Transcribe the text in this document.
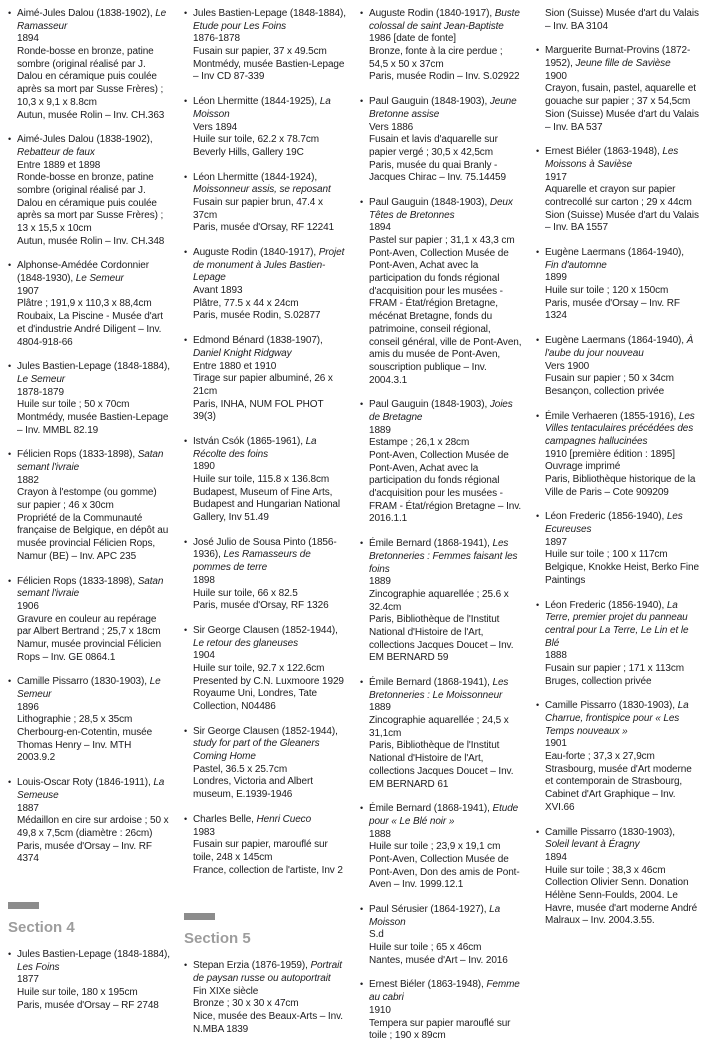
• Aimé-Jules Dalou (1838-1902), Le Ramasseur

1894

Ronde-bosse en bronze, patine sombre (original réalisé par J. Dalou en céramique puis coulée après sa mort par Susse Frères) ; 10,3 x 9,1 x 8.8cm

Autun, musée Rolin – Inv. CH.363

• Aimé-Jules Dalou (1838-1902), Rebatteur de faux

Entre 1889 et 1898

Ronde-bosse en bronze, patine sombre (original réalisé par J. Dalou en céramique puis coulée après sa mort par Susse Frères) ; 13 x 15,5 x 10cm

Autun, musée Rolin – Inv. CH.348

• Alphonse-Amédée Cordonnier (1848-1930), Le Semeur

1907

Plâtre ; 191,9 x 110,3 x 88,4cm

Roubaix, La Piscine - Musée d'art et d'industrie André Diligent – Inv. 4804-918-66

• Jules Bastien-Lepage (1848-1884), Le Semeur

1878-1879

Huile sur toile ; 50 x 70cm

Montmédy, musée Bastien-Lepage – Inv. MMBL 82.19

• Félicien Rops (1833-1898), Satan semant l'ivraie

1882

Crayon à l'estompe (ou gomme) sur papier ; 46 x 30cm

Propriété de la Communauté française de Belgique, en dépôt au musée provincial Félicien Rops, Namur (BE) – Inv. APC 235

• Félicien Rops (1833-1898), Satan semant l'ivraie

1906

Gravure en couleur au repérage par Albert Bertrand ; 25,7 x 18cm

Namur, musée provincial Félicien Rops – Inv. GE 0864.1

• Camille Pissarro (1830-1903), Le Semeur

1896

Lithographie ; 28,5 x 35cm

Cherbourg-en-Cotentin, musée Thomas Henry – Inv. MTH 2003.9.2

• Louis-Oscar Roty (1846-1911), La Semeuse

1887

Médaillon en cire sur ardoise ; 50 x 49,8 x 7,5cm (diamètre : 26cm)

Paris, musée d'Orsay – Inv. RF 4374

Section 4

• Jules Bastien-Lepage (1848-1884), Les Foins

1877

Huile sur toile, 180 x 195cm

Paris, musée d'Orsay – RF 2748

• Jules Bastien-Lepage (1848-1884), Etude pour Les Foins

1876-1878

Fusain sur papier, 37 x 49.5cm

Montmédy, musée Bastien-Lepage – Inv CD 87-339

• Léon Lhermitte (1844-1925), La Moisson

Vers 1894

Huile sur toile, 62.2 x 78.7cm

Beverly Hills, Gallery 19C

• Léon Lhermitte (1844-1924), Moissonneur assis, se reposant

Fusain sur papier brun, 47.4 x 37cm

Paris, musée d'Orsay, RF 12241

• Auguste Rodin (1840-1917), Projet de monument à Jules Bastien-Lepage

Avant 1893

Plâtre, 77.5 x 44 x 24cm

Paris, musée Rodin, S.02877

• Edmond Bénard (1838-1907), Daniel Knight Ridgway

Entre 1880 et 1910

Tirage sur papier albuminé, 26 x 21cm

Paris, INHA, NUM FOL PHOT 39(3)

• István Csók (1865-1961), La Récolte des foins

1890

Huile sur toile, 115.8 x 136.8cm

Budapest, Museum of Fine Arts, Budapest and Hungarian National Gallery, Inv 51.49

• José Julio de Sousa Pinto (1856-1936), Les Ramasseurs de pommes de terre

1898

Huile sur toile, 66 x 82.5

Paris, musée d'Orsay, RF 1326

• Sir George Clausen (1852-1944), Le retour des glaneuses

1904

Huile sur toile, 92.7 x 122.6cm

Presented by C.N. Luxmoore 1929

Royaume Uni, Londres, Tate Collection, N04486

• Sir George Clausen (1852-1944), study for part of the Gleaners Coming Home

Pastel, 36.5 x 25.7cm

Londres, Victoria and Albert museum, E.1939-1946

• Charles Belle, Henri Cueco

1983

Fusain sur papier, marouflé sur toile, 248 x 145cm

France, collection de l'artiste, Inv 2

Section 5

• Stepan Erzia (1876-1959), Portrait de paysan russe ou autoportrait

Fin XIXe siècle

Bronze ; 30 x 30 x 47cm

Nice, musée des Beaux-Arts – Inv. N.MBA 1839

• Auguste Rodin (1840-1917), Buste colossal de saint Jean-Baptiste

1986 [date de fonte]

Bronze, fonte à la cire perdue ; 54,5 x 50 x 37cm

Paris, musée Rodin – Inv. S.02922

• Paul Gauguin (1848-1903), Jeune Bretonne assise

Vers 1886

Fusain et lavis d'aquarelle sur papier vergé ; 30,5 x 42,5cm

Paris, musée du quai Branly - Jacques Chirac – Inv. 75.14459

• Paul Gauguin (1848-1903), Deux Têtes de Bretonnes

1894

Pastel sur papier ; 31,1 x 43,3 cm

Pont-Aven, Collection Musée de Pont-Aven, Achat avec la participation du fonds régional d'acquisition pour les musées - FRAM - État/région Bretagne, mécénat Bretagne, fonds du patrimoine, conseil régional, conseil général, ville de Pont-Aven, amis du musée de Pont-Aven, souscription publique – Inv. 2004.3.1

• Paul Gauguin (1848-1903), Joies de Bretagne

1889

Estampe ; 26,1 x 28cm

Pont-Aven, Collection Musée de Pont-Aven, Achat avec la participation du fonds régional d'acquisition pour les musées - FRAM - État/région Bretagne – Inv. 2016.1.1

• Émile Bernard (1868-1941), Les Bretonneries : Femmes faisant les foins

1889

Zincographie aquarellée ; 25.6 x 32.4cm

Paris, Bibliothèque de l'Institut National d'Histoire de l'Art, collections Jacques Doucet – Inv. EM BERNARD 59

• Émile Bernard (1868-1941), Les Bretonneries : Le Moissonneur

1889

Zincographie aquarellée ; 24,5 x 31,1cm

Paris, Bibliothèque de l'Institut National d'Histoire de l'Art, collections Jacques Doucet – Inv. EM BERNARD 61

• Émile Bernard (1868-1941), Etude pour « Le Blé noir »

1888

Huile sur toile ; 23,9 x 19,1 cm

Pont-Aven, Collection Musée de Pont-Aven, Don des amis de Pont-Aven – Inv. 1999.12.1

• Paul Sérusier (1864-1927), La Moisson

S.d

Huile sur toile ; 65 x 46cm

Nantes, musée d'Art – Inv. 2016

• Ernest Biéler (1863-1948), Femme au cabri

1910

Tempera sur papier marouflé sur toile ; 190 x 89cm

Sion (Suisse) Musée d'art du Valais – Inv. BA 3104

• Marguerite Burnat-Provins (1872-1952), Jeune fille de Savièse

1900

Crayon, fusain, pastel, aquarelle et gouache sur papier ; 37 x 54,5cm

Sion (Suisse) Musée d'art du Valais – Inv. BA 537

• Ernest Biéler (1863-1948), Les Moissons à Savièse

1917

Aquarelle et crayon sur papier contrecollé sur carton ; 29 x 44cm

Sion (Suisse) Musée d'art du Valais – Inv. BA 1557

• Eugène Laermans (1864-1940), Fin d'automne

1899

Huile sur toile ; 120 x 150cm

Paris, musée d'Orsay – Inv. RF 1324

• Eugène Laermans (1864-1940), À l'aube du jour nouveau

Vers 1900

Fusain sur papier ; 50 x 34cm

Besançon, collection privée

• Émile Verhaeren (1855-1916), Les Villes tentaculaires précédées des campagnes hallucinées

1910 [première édition : 1895]

Ouvrage imprimé

Paris, Bibliothèque historique de la Ville de Paris – Cote 909209

• Léon Frederic (1856-1940), Les Ecureuses

1897

Huile sur toile ; 100 x 117cm

Belgique, Knokke Heist, Berko Fine Paintings

• Léon Frederic (1856-1940), La Terre, premier projet du panneau central pour La Terre, Le Lin et le Blé

1888

Fusain sur papier ; 171 x 113cm

Bruges, collection privée

• Camille Pissarro (1830-1903), La Charrue, frontispice pour « Les Temps nouveaux »

1901

Eau-forte ; 37,3 x 27,9cm

Strasbourg, musée d'Art moderne et contemporain de Strasbourg, Cabinet d'Art Graphique – Inv. XVI.66

• Camille Pissarro (1830-1903), Soleil levant à Éragny

1894

Huile sur toile ; 38,3 x 46cm

Collection Olivier Senn. Donation Hélène Senn-Foulds, 2004. Le Havre, musée d'art moderne André Malraux – Inv. 2004.3.55.
